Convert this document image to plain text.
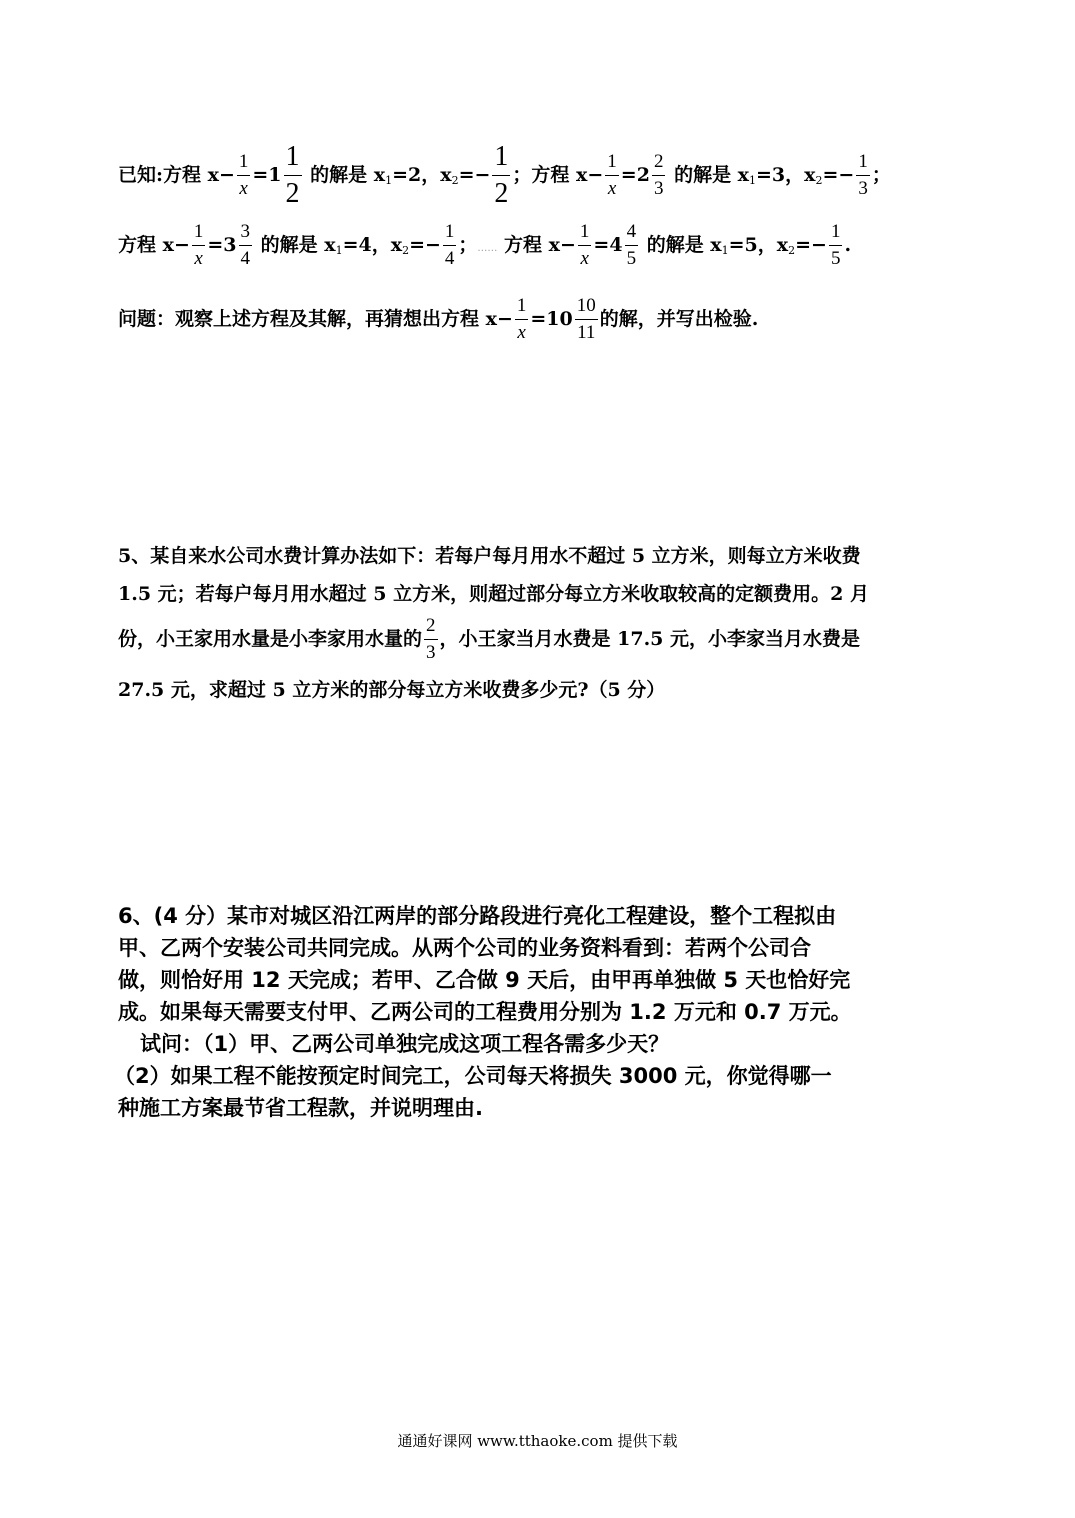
已知:方程 $x- \frac{1}{x} =1 \frac{1}{2}$ 的解是 $x_1=2$，$x_2=- \frac{1}{2}$ ；方程 $x- \frac{1}{x} =2 \frac{2}{3}$ 的解是 $x_1=3$，$x_2=- \frac{1}{3}$ ；
方程 $x- \frac{1}{x} =3 \frac{3}{4}$ 的解是 $x_1=4$，$x_2=- \frac{1}{4}$ ；…… 方程 $x- \frac{1}{x} =4 \frac{4}{5}$ 的解是 $x_1=5$，$x_2=- \frac{1}{5}$ .
问题：观察上述方程及其解，再猜想出方程 $x- \frac{1}{x} =10 \frac{10}{11}$ 的解，并写出检验.
5、某自来水公司水费计算办法如下：若每户每月用水不超过 5 立方米，则每立方米收费
1.5 元；若每户每月用水超过 5 立方米，则超过部分每立方米收取较高的定额费用。2 月
份，小王家用水量是小李家用水量的 $\frac{2}{3}$ ，小王家当月水费是 17.5 元，小李家当月水费是
27.5 元，求超过 5 立方米的部分每立方米收费多少元?（5 分）
6、(4 分）某市对城区沿江两岸的部分路段进行亮化工程建设，整个工程拟由
甲、乙两个安装公司共同完成。从两个公司的业务资料看到：若两个公司合
做，则恰好用 12 天完成；若甲、乙合做 9 天后，由甲再单独做 5 天也恰好完
成。如果每天需要支付甲、乙两公司的工程费用分别为 1.2 万元和 0.7 万元。
试问：（1）甲、乙两公司单独完成这项工程各需多少天？
（2）如果工程不能按预定时间完工，公司每天将损失 3000 元，你觉得哪一
种施工方案最节省工程款，并说明理由.
通通好课网 www.tthaoke.com 提供下载
